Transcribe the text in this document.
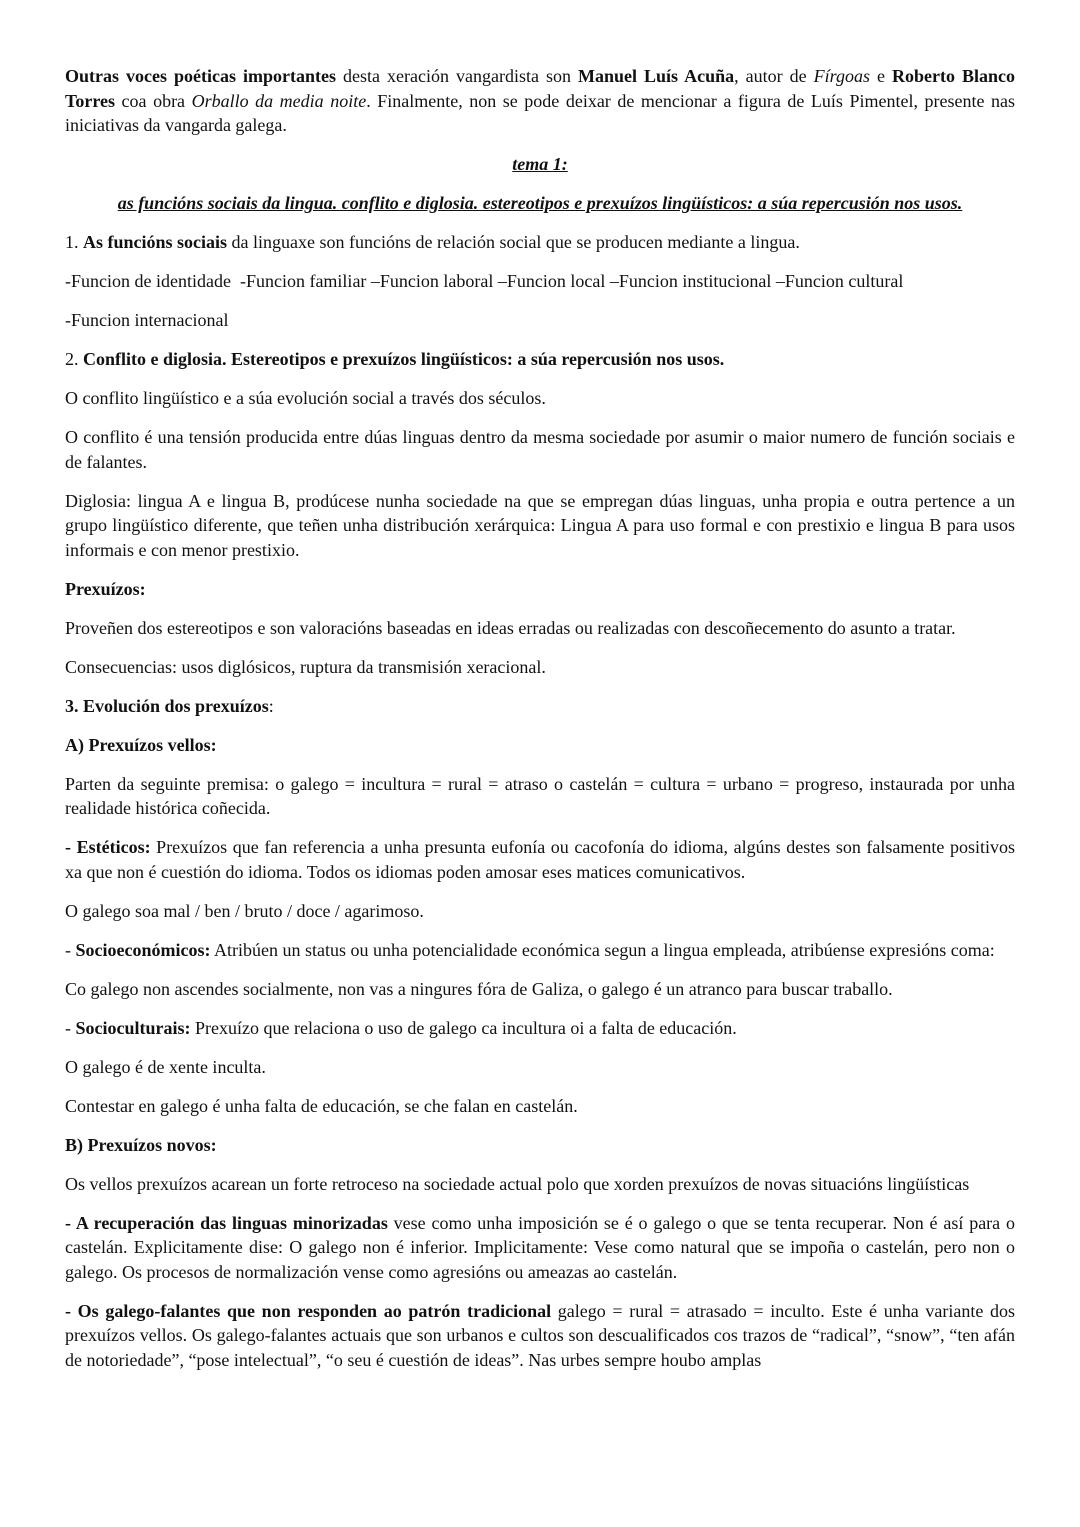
Outras voces poéticas importantes desta xeración vangardista son Manuel Luís Acuña, autor de Fírgoas e Roberto Blanco Torres coa obra Orballo da media noite. Finalmente, non se pode deixar de mencionar a figura de Luís Pimentel, presente nas iniciativas da vangarda galega.

tema 1:

as funcións sociais da lingua. conflito e diglosia. estereotipos e prexuízos lingüísticos: a súa repercusión nos usos.

1. As funcións sociais da linguaxe son funcións de relación social que se producen mediante a lingua.

-Funcion de identidade  -Funcion familiar –Funcion laboral –Funcion local –Funcion institucional –Funcion cultural

-Funcion internacional

2. Conflito e diglosia. Estereotipos e prexuízos lingüísticos: a súa repercusión nos usos.

O conflito lingüístico e a súa evolución social a través dos séculos.

O conflito é una tensión producida entre dúas linguas dentro da mesma sociedade por asumir o maior numero de función sociais e de falantes.

Diglosia: lingua A e lingua B, prodúcese nunha sociedade na que se empregan dúas linguas, unha propia e outra pertence a un grupo lingüístico diferente, que teñen unha distribución xerárquica: Lingua A para uso formal e con prestixio e lingua B para usos informais e con menor prestixio.

Prexuízos:

Proveñen dos estereotipos e son valoracións baseadas en ideas erradas ou realizadas con descoñecemento do asunto a tratar.

Consecuencias: usos diglósicos, ruptura da transmisión xeracional.

3. Evolución dos prexuízos:

A) Prexuízos vellos:

Parten da seguinte premisa: o galego = incultura = rural = atraso o castelán = cultura = urbano = progreso, instaurada por unha realidade histórica coñecida.

- Estéticos: Prexuízos que fan referencia a unha presunta eufonía ou cacofonía do idioma, algúns destes son falsamente positivos xa que non é cuestión do idioma. Todos os idiomas poden amosar eses matices comunicativos.

O galego soa mal / ben / bruto / doce / agarimoso.

- Socioeconómicos: Atribúen un status ou unha potencialidade económica segun a lingua empleada, atribúense expresións coma:

Co galego non ascendes socialmente, non vas a ningures fóra de Galiza, o galego é un atranco para buscar traballo.

- Socioculturais: Prexuízo que relaciona o uso de galego ca incultura oi a falta de educación.

O galego é de xente inculta.

Contestar en galego é unha falta de educación, se che falan en castelán.

B) Prexuízos novos:

Os vellos prexuízos acarean un forte retroceso na sociedade actual polo que xorden prexuízos de novas situacións lingüísticas

- A recuperación das linguas minorizadas vese como unha imposición se é o galego o que se tenta recuperar. Non é así para o castelán. Explicitamente dise: O galego non é inferior. Implicitamente: Vese como natural que se impoña o castelán, pero non o galego. Os procesos de normalización vense como agresións ou ameazas ao castelán.

- Os galego-falantes que non responden ao patrón tradicional galego = rural = atrasado = inculto. Este é unha variante dos prexuízos vellos. Os galego-falantes actuais que son urbanos e cultos son descualificados cos trazos de “radical”, “snow”, “ten afán de notoriedade”, “pose intelectual”, “o seu é cuestión de ideas”. Nas urbes sempre houbo amplas
